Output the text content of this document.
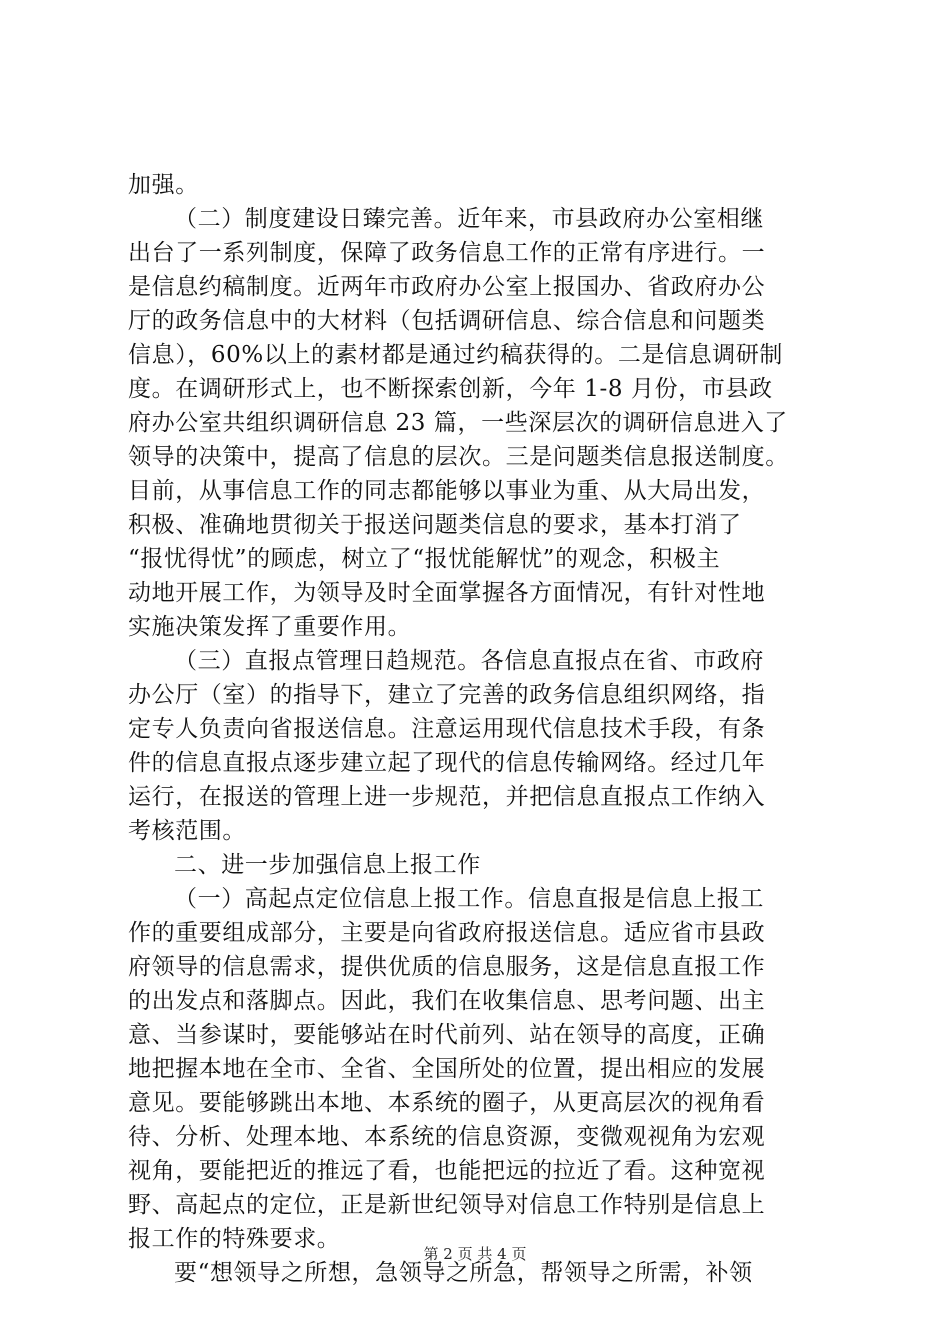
加强。
（二）制度建设日臻完善。近年来，市县政府办公室相继
出台了一系列制度，保障了政务信息工作的正常有序进行。一
是信息约稿制度。近两年市政府办公室上报国办、省政府办公
厅的政务信息中的大材料（包括调研信息、综合信息和问题类
信息），60%以上的素材都是通过约稿获得的。二是信息调研制
度。在调研形式上，也不断探索创新，今年 1-8 月份，市县政
府办公室共组织调研信息 23 篇，一些深层次的调研信息进入了
领导的决策中，提高了信息的层次。三是问题类信息报送制度。
目前，从事信息工作的同志都能够以事业为重、从大局出发，
积极、准确地贯彻关于报送问题类信息的要求，基本打消了
“报忧得忧”的顾虑，树立了“报忧能解忧”的观念，积极主
动地开展工作，为领导及时全面掌握各方面情况，有针对性地
实施决策发挥了重要作用。
（三）直报点管理日趋规范。各信息直报点在省、市政府
办公厅（室）的指导下，建立了完善的政务信息组织网络，指
定专人负责向省报送信息。注意运用现代信息技术手段，有条
件的信息直报点逐步建立起了现代的信息传输网络。经过几年
运行，在报送的管理上进一步规范，并把信息直报点工作纳入
考核范围。
二、进一步加强信息上报工作
（一）高起点定位信息上报工作。信息直报是信息上报工
作的重要组成部分，主要是向省政府报送信息。适应省市县政
府领导的信息需求，提供优质的信息服务，这是信息直报工作
的出发点和落脚点。因此，我们在收集信息、思考问题、出主
意、当参谋时，要能够站在时代前列、站在领导的高度，正确
地把握本地在全市、全省、全国所处的位置，提出相应的发展
意见。要能够跳出本地、本系统的圈子，从更高层次的视角看
待、分析、处理本地、本系统的信息资源，变微观视角为宏观
视角，要能把近的推远了看，也能把远的拉近了看。这种宽视
野、高起点的定位，正是新世纪领导对信息工作特别是信息上
报工作的特殊要求。
要“想领导之所想，急领导之所急，帮领导之所需，补领
第 2 页 共 4 页
